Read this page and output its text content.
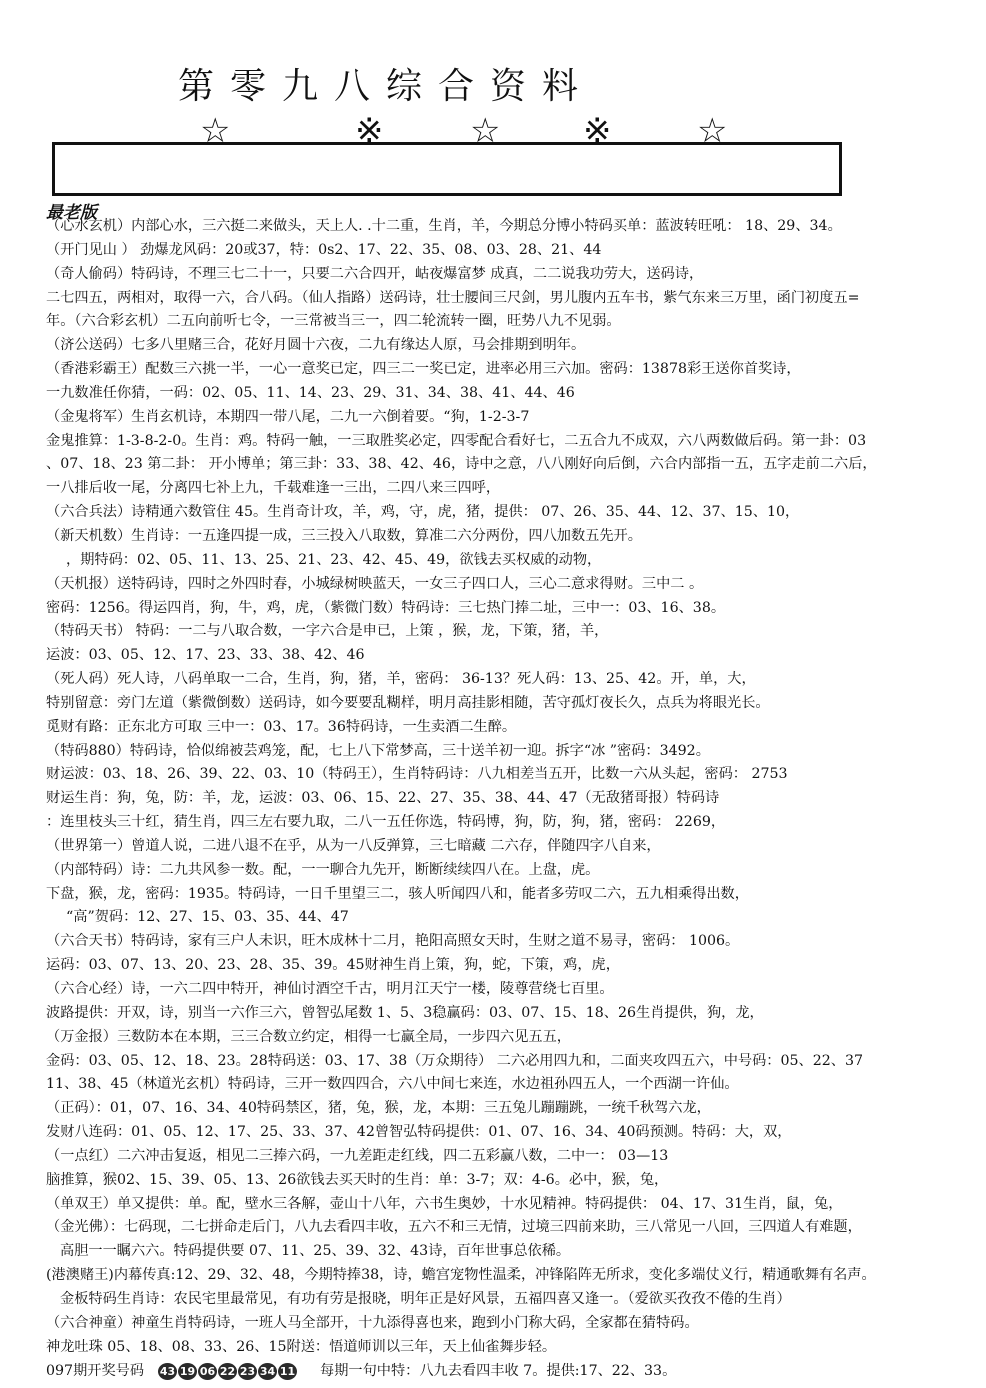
第零九八综合资料
☆	※	☆ ※	☆
最老版
（心水玄机）内部心水，三六挺二来做头，天上人. .十二重，生肖，羊，今期总分博小特码买单：蓝波转旺吼： 18、29、34。
（开门见山 ） 劲爆龙风码：20或37，特：0s2、17、22、35、08、03、28、21、44
（奇人偷码）特码诗，不理三七二十一，只要二六合四开，岵夜爆富梦 成真，二二说我功劳大，送码诗，
二七四五，两相对，取得一六，合八码。（仙人指路）送码诗，壮士腰间三尺剑，男儿腹内五车书，紫气东来三万里，函门初度五=
年。（六合彩玄机）二五向前听七令，一三常被当三一，四二轮流转一圈，旺势八九不见弱。
（济公送码）七多八里赌三合，花好月圆十六夜，二九有缘达人原，马会排期到明年。
（香港彩霸王）配数三六挑一半，一心一意奖已定，四三二一奖已定，进率必用三六加。密码：13878彩王送你首奖诗，
一九数准任你猜，一码：02、05、11、14、23、29、31、34、38、41、44、46
（金鬼将军）生肖玄机诗，本期四一带八尾，二九一六倒着要。“狗，1-2-3-7
金鬼推算：1-3-8-2-0。生肖：鸡。特码一触，一三取胜奖必定，四零配合看好七，二五合九不成双，六八两数做后码。第一卦：03
、07、18、23 第二卦： 开小博单；第三卦：33、38、42、46，诗中之意，八八刚好向后倒，六合内部指一五，五字走前二六后，
一八排后收一尾，分离四七补上九，千载难逢一三出，二四八来三四呼，
（六合兵法）诗精通六数管住 45。生肖奇计攻，羊，鸡，守，虎，猪，提供： 07、26、35、44、12、37、15、10，
（新天机数）生肖诗：一五逢四提一成，三三投入八取数，算准二六分两份，四八加数五先开。
，期特码：02、05、11、13、25、21、23、42、45、49，欲钱去买权威的动物，
（天机报）送特码诗，四时之外四时春，小城绿树映蓝天，一女三子四口人，三心二意求得财。三中二 。
密码：1256。得运四肖，狗，牛，鸡，虎，（紫微门数）特码诗：三七热门捧二址，三中一：03、16、38。
（特码天书） 特码：一二与八取合数，一字六合是申已，上策 ，猴，龙，下策，猪，羊，
运波：03、05、12、17、23、33、38、42、46
（死人码）死人诗，八码单取一二合，生肖，狗，猪，羊，密码： 36-13？死人码：13、25、42。开，单，大，
特别留意：旁门左道（紫微倒数）送码诗，如今要要乱糊样，明月高挂影相随，苦守孤灯夜长久，点兵为将眼光长。
觅财有路：正东北方可取 三中一：03、17。36特码诗，一生卖酒二生醉。
（特码880）特码诗，恰似绵被芸鸡笼，配，七上八下常梦高，三十送羊初一迎。拆字“冰 ”密码：3492。
财运波：03、18、26、39、22、03、10（特码王），生肖特码诗：八九相差当五开，比数一六从头起，密码： 2753
财运生肖：狗，兔，防：羊，龙，运波：03、06、15、22、27、35、38、44、47（无敌猪哥报）特码诗
：连里枝头三十红，猜生肖，四三左右要九取，二八一五任你选，特码博，狗，防，狗，猪，密码： 2269，
（世界第一）曾道人说，二进八退不在乎，从为一八反弹算，三七暗藏 二六存，伴随四字八自来，
（内部特码）诗：二九共风参一数。配，一一聊合九先开，断断续续四八在。上盘，虎。
下盘，猴，龙，密码：1935。特码诗，一日千里望三二，骇人听闻四八和，能者多劳叹二六，五九相乘得出数，
“高”贺码：12、27、15、03、35、44、47
（六合天书）特码诗，家有三户人未识，旺木成林十二月，艳阳高照女天时，生财之道不易寻，密码： 1006。
运码：03、07、13、20、23、28、35、39。45财神生肖上策，狗，蛇，下策，鸡，虎，
（六合心经）诗，一六二四中特开，神仙讨酒空千古，明月江天宁一楼，陵尊营绕七百里。
波路提供：开双，诗，别当一六作三六，曾智弘尾数 1、5、3稳赢码：03、07、15、18、26生肖提供，狗，龙，
（万金报）三数防本在本期，三三合数立约定，相得一七赢全局，一步四六见五五，
金码：03、05、12、18、23。28特码送：03、17、38（万众期待） 二六必用四九和，二面夹攻四五六，中号码：05、22、37
11、38、45（林道光玄机）特码诗，三开一数四四合，六八中间七来连，水边祖孙四五人，一个西湖一许仙。
（正码）：01，07、16、34、40特码禁区，猪，兔，猴，龙，本期：三五兔儿蹦蹦跳，一统千秋驾六龙，
发财八连码：01、05、12、17、25、33、37、42曾智弘特码提供：01、07、16、34、40码预测。特码：大，双，
（一点红）二六冲击复返，相见二三捧六码，一九差距走红线，四二五彩赢八数，二中一： 03—13
脑推算，猴02、15、39、05、13、26欲钱去买天时的生肖：单：3-7；双：4-6。必中，猴，兔，
（单双王）单又提供：单。配，壁水三各解，壶山十八年，六书生奥妙，十水见精神。特码提供： 04、17、31生肖，鼠，兔，
（金光佛）：七码现，二七拼命走后门，八九去看四丰收，五六不和三无情，过境三四前来助，三八常见一八回，三四道人有难题，
高胆一一瞩六六。特码提供要 07、11、25、39、32、43诗，百年世事总依稀。
(港澳赌王)内幕传真:12、29、32、48，今期特捧38，诗，蟾宫宠物性温柔，冲锋陷阵无所求，变化多端仗义行，精通歌舞有名声。
金板特码生肖诗：农民宅里最常见，有功有劳是报晓，明年正是好风景，五福四喜又逢一。（爱欲买孜孜不倦的生肖）
（六合神童）神童生肖特码诗，一班人马全部开，十九添得喜也来，跑到小门称大码，全家都在猜特码。
神龙吐珠 05、18、08、33、26、15附送：悟道师训以三年，天上仙雀舞步轻。
097期开奖号码 43 19 06 22 23 34 11 每期一句中特：八九去看四丰收 7。提供:17、22、33。
